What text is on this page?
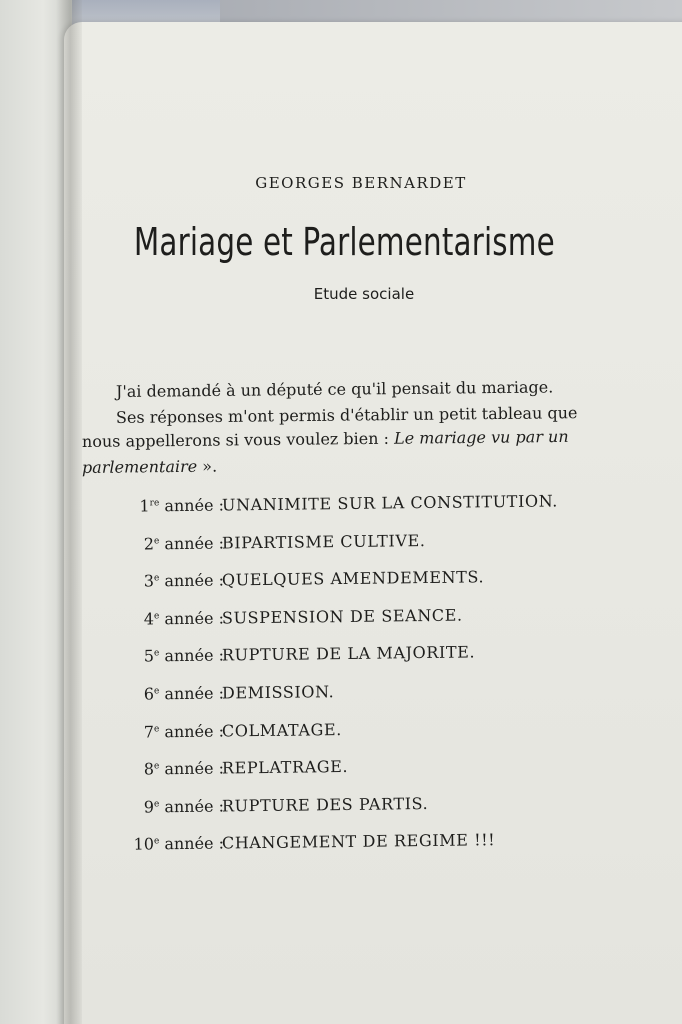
GEORGES BERNARDET
Mariage et Parlementarisme
Etude sociale
J'ai demandé à un député ce qu'il pensait du mariage.
Ses réponses m'ont permis d'établir un petit tableau que
nous appellerons si vous voulez bien : Le mariage vu par un
parlementaire ».
1re année :
UNANIMITE SUR LA CONSTITUTION.
2e année :
BIPARTISME CULTIVE.
3e année :
QUELQUES AMENDEMENTS.
4e année :
SUSPENSION DE SEANCE.
5e année :
RUPTURE DE LA MAJORITE.
6e année :
DEMISSION.
7e année :
COLMATAGE.
8e année :
REPLATRAGE.
9e année :
RUPTURE DES PARTIS.
10e année :
CHANGEMENT DE REGIME !!!
